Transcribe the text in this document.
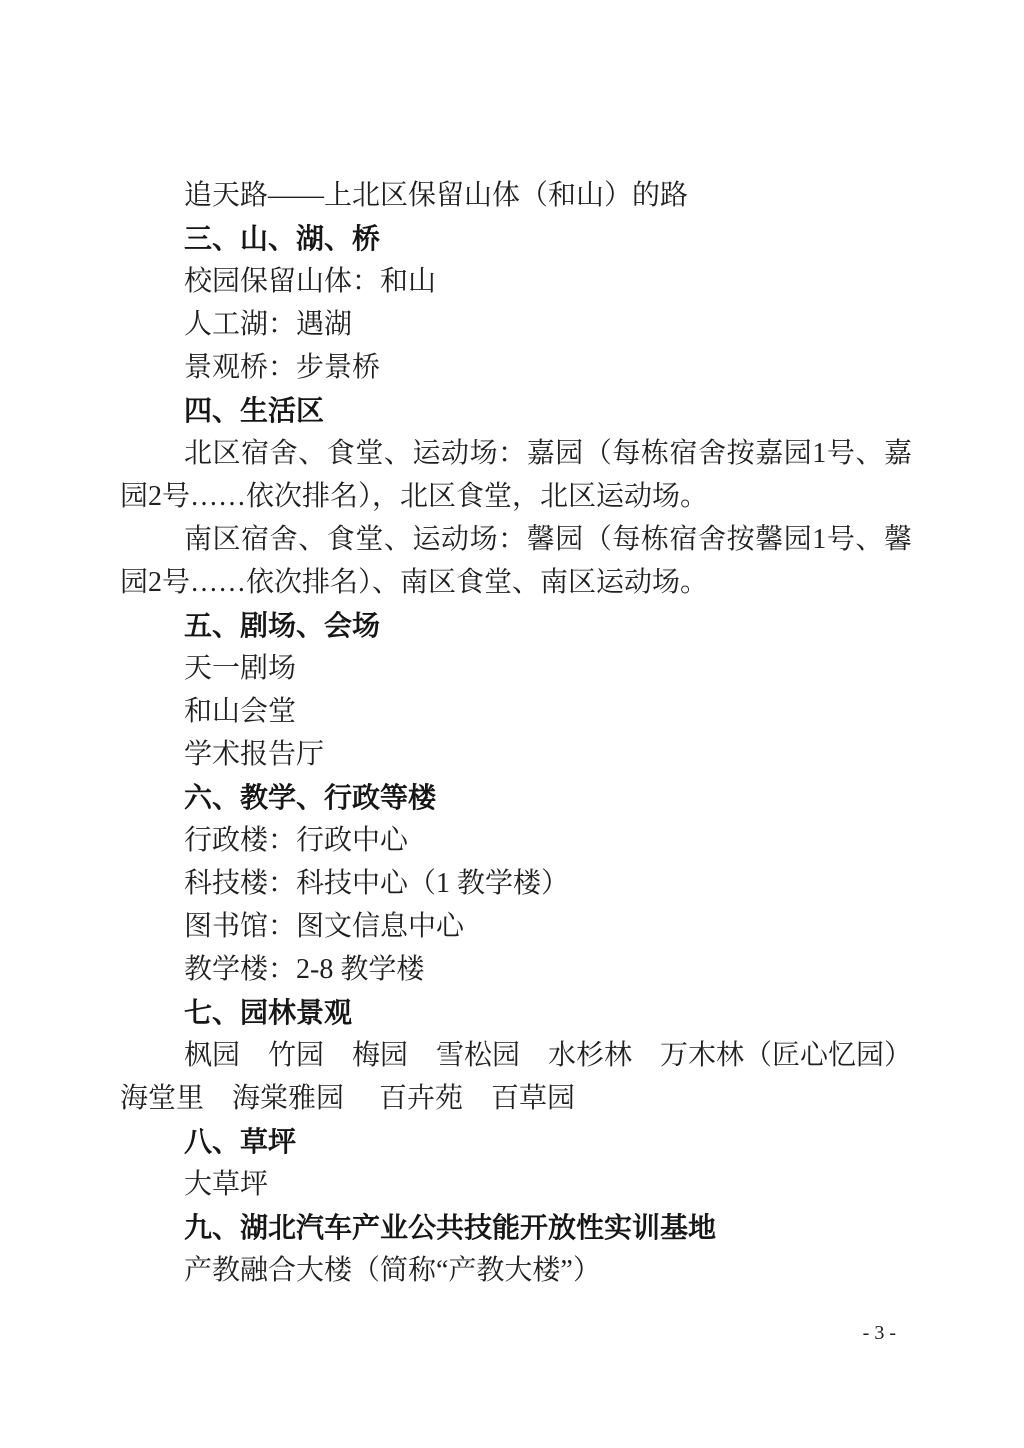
追天路——上北区保留山体（和山）的路

三、山、湖、桥

校园保留山体：和山

人工湖：遇湖

景观桥：步景桥

四、生活区

北区宿舍、食堂、运动场：嘉园（每栋宿舍按嘉园1号、嘉园2号……依次排名），北区食堂，北区运动场。

南区宿舍、食堂、运动场：馨园（每栋宿舍按馨园1号、馨园2号……依次排名）、南区食堂、南区运动场。

五、剧场、会场

天一剧场

和山会堂

学术报告厅

六、教学、行政等楼

行政楼：行政中心

科技楼：科技中心（1 教学楼）

图书馆：图文信息中心

教学楼：2-8 教学楼

七、园林景观

枫园　竹园　梅园　雪松园　水杉林　万木林（匠心忆园）海堂里　海棠雅园　 百卉苑　百草园

八、草坪

大草坪

九、湖北汽车产业公共技能开放性实训基地

产教融合大楼（简称“产教大楼”）

- 3 -
